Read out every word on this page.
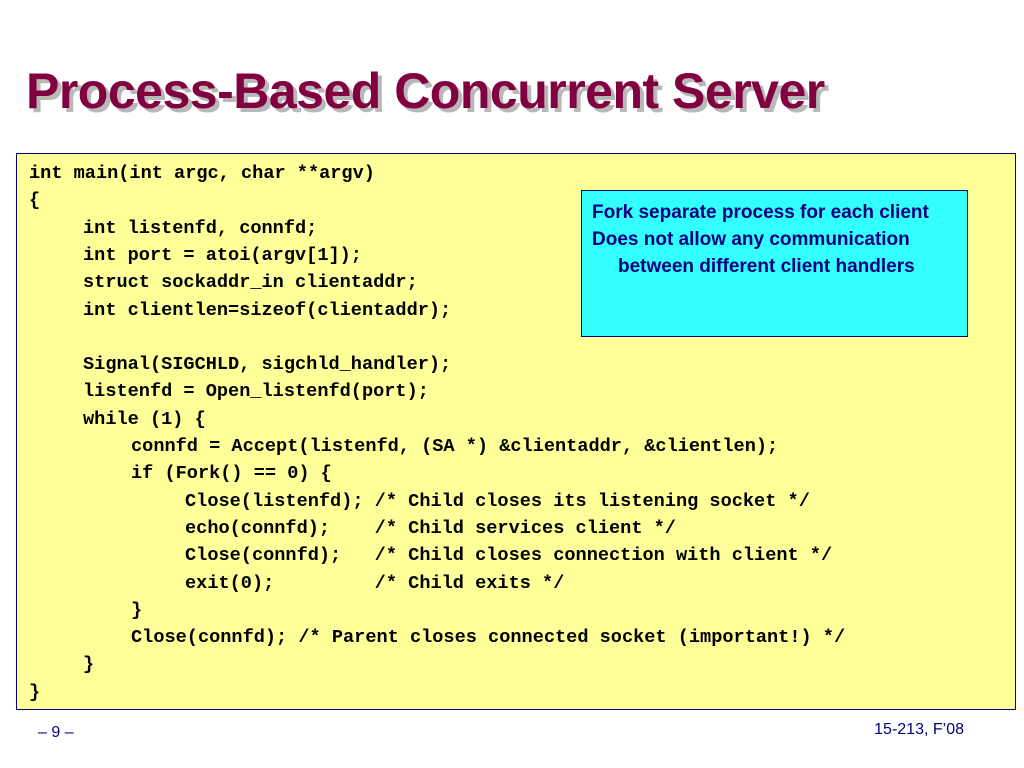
Process-Based Concurrent Server
int main(int argc, char **argv)
{
int listenfd, connfd;
int port = atoi(argv[1]);
struct sockaddr_in clientaddr;
int clientlen=sizeof(clientaddr);
Signal(SIGCHLD, sigchld_handler);
listenfd = Open_listenfd(port);
while (1) {
connfd = Accept(listenfd, (SA *) &clientaddr, &clientlen);
if (Fork() == 0) {
Close(listenfd); /* Child closes its listening socket */
echo(connfd);    /* Child services client */
Close(connfd);   /* Child closes connection with client */
exit(0);         /* Child exits */
}
Close(connfd); /* Parent closes connected socket (important!) */
}
}
Fork separate process for each client
Does not allow any communication between different client handlers
– 9 –	15-213, F’08
